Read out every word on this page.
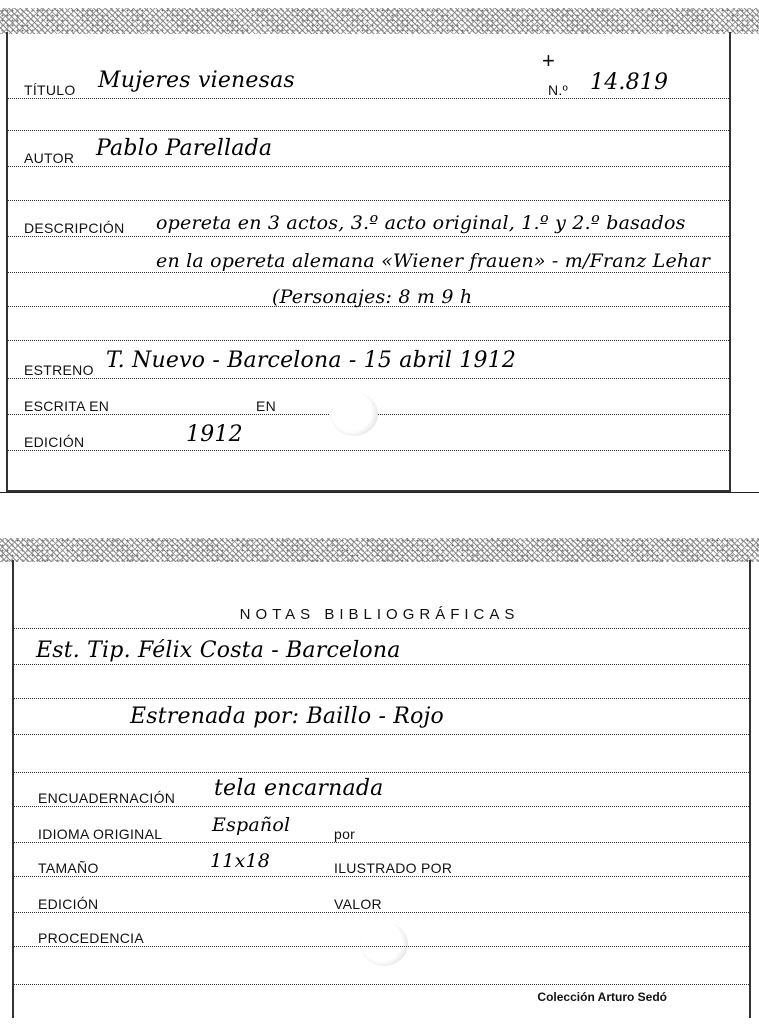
TÍTULO Mujeres vienesas
+
N.º 14.819
AUTOR Pablo Parellada
DESCRIPCIÓN opereta en 3 actos, 3.º acto original, 1.º y 2.º basados
en la opereta alemana «Wiener frauen» - m/Franz Lehar
(Personajes: 8 m 9 h
ESTRENO T. Nuevo - Barcelona - 15 abril 1912
ESCRITA EN	EN
EDICIÓN	1912
NOTAS BIBLIOGRÁFICAS
Est. Tip. Félix Costa - Barcelona
Estrenada por: Baillo - Rojo
ENCUADERNACIÓN tela encarnada
IDIOMA ORIGINAL	Español	por
TAMAÑO	11x18	ILUSTRADO POR
EDICIÓN	VALOR
PROCEDENCIA
Colección Arturo Sedó
